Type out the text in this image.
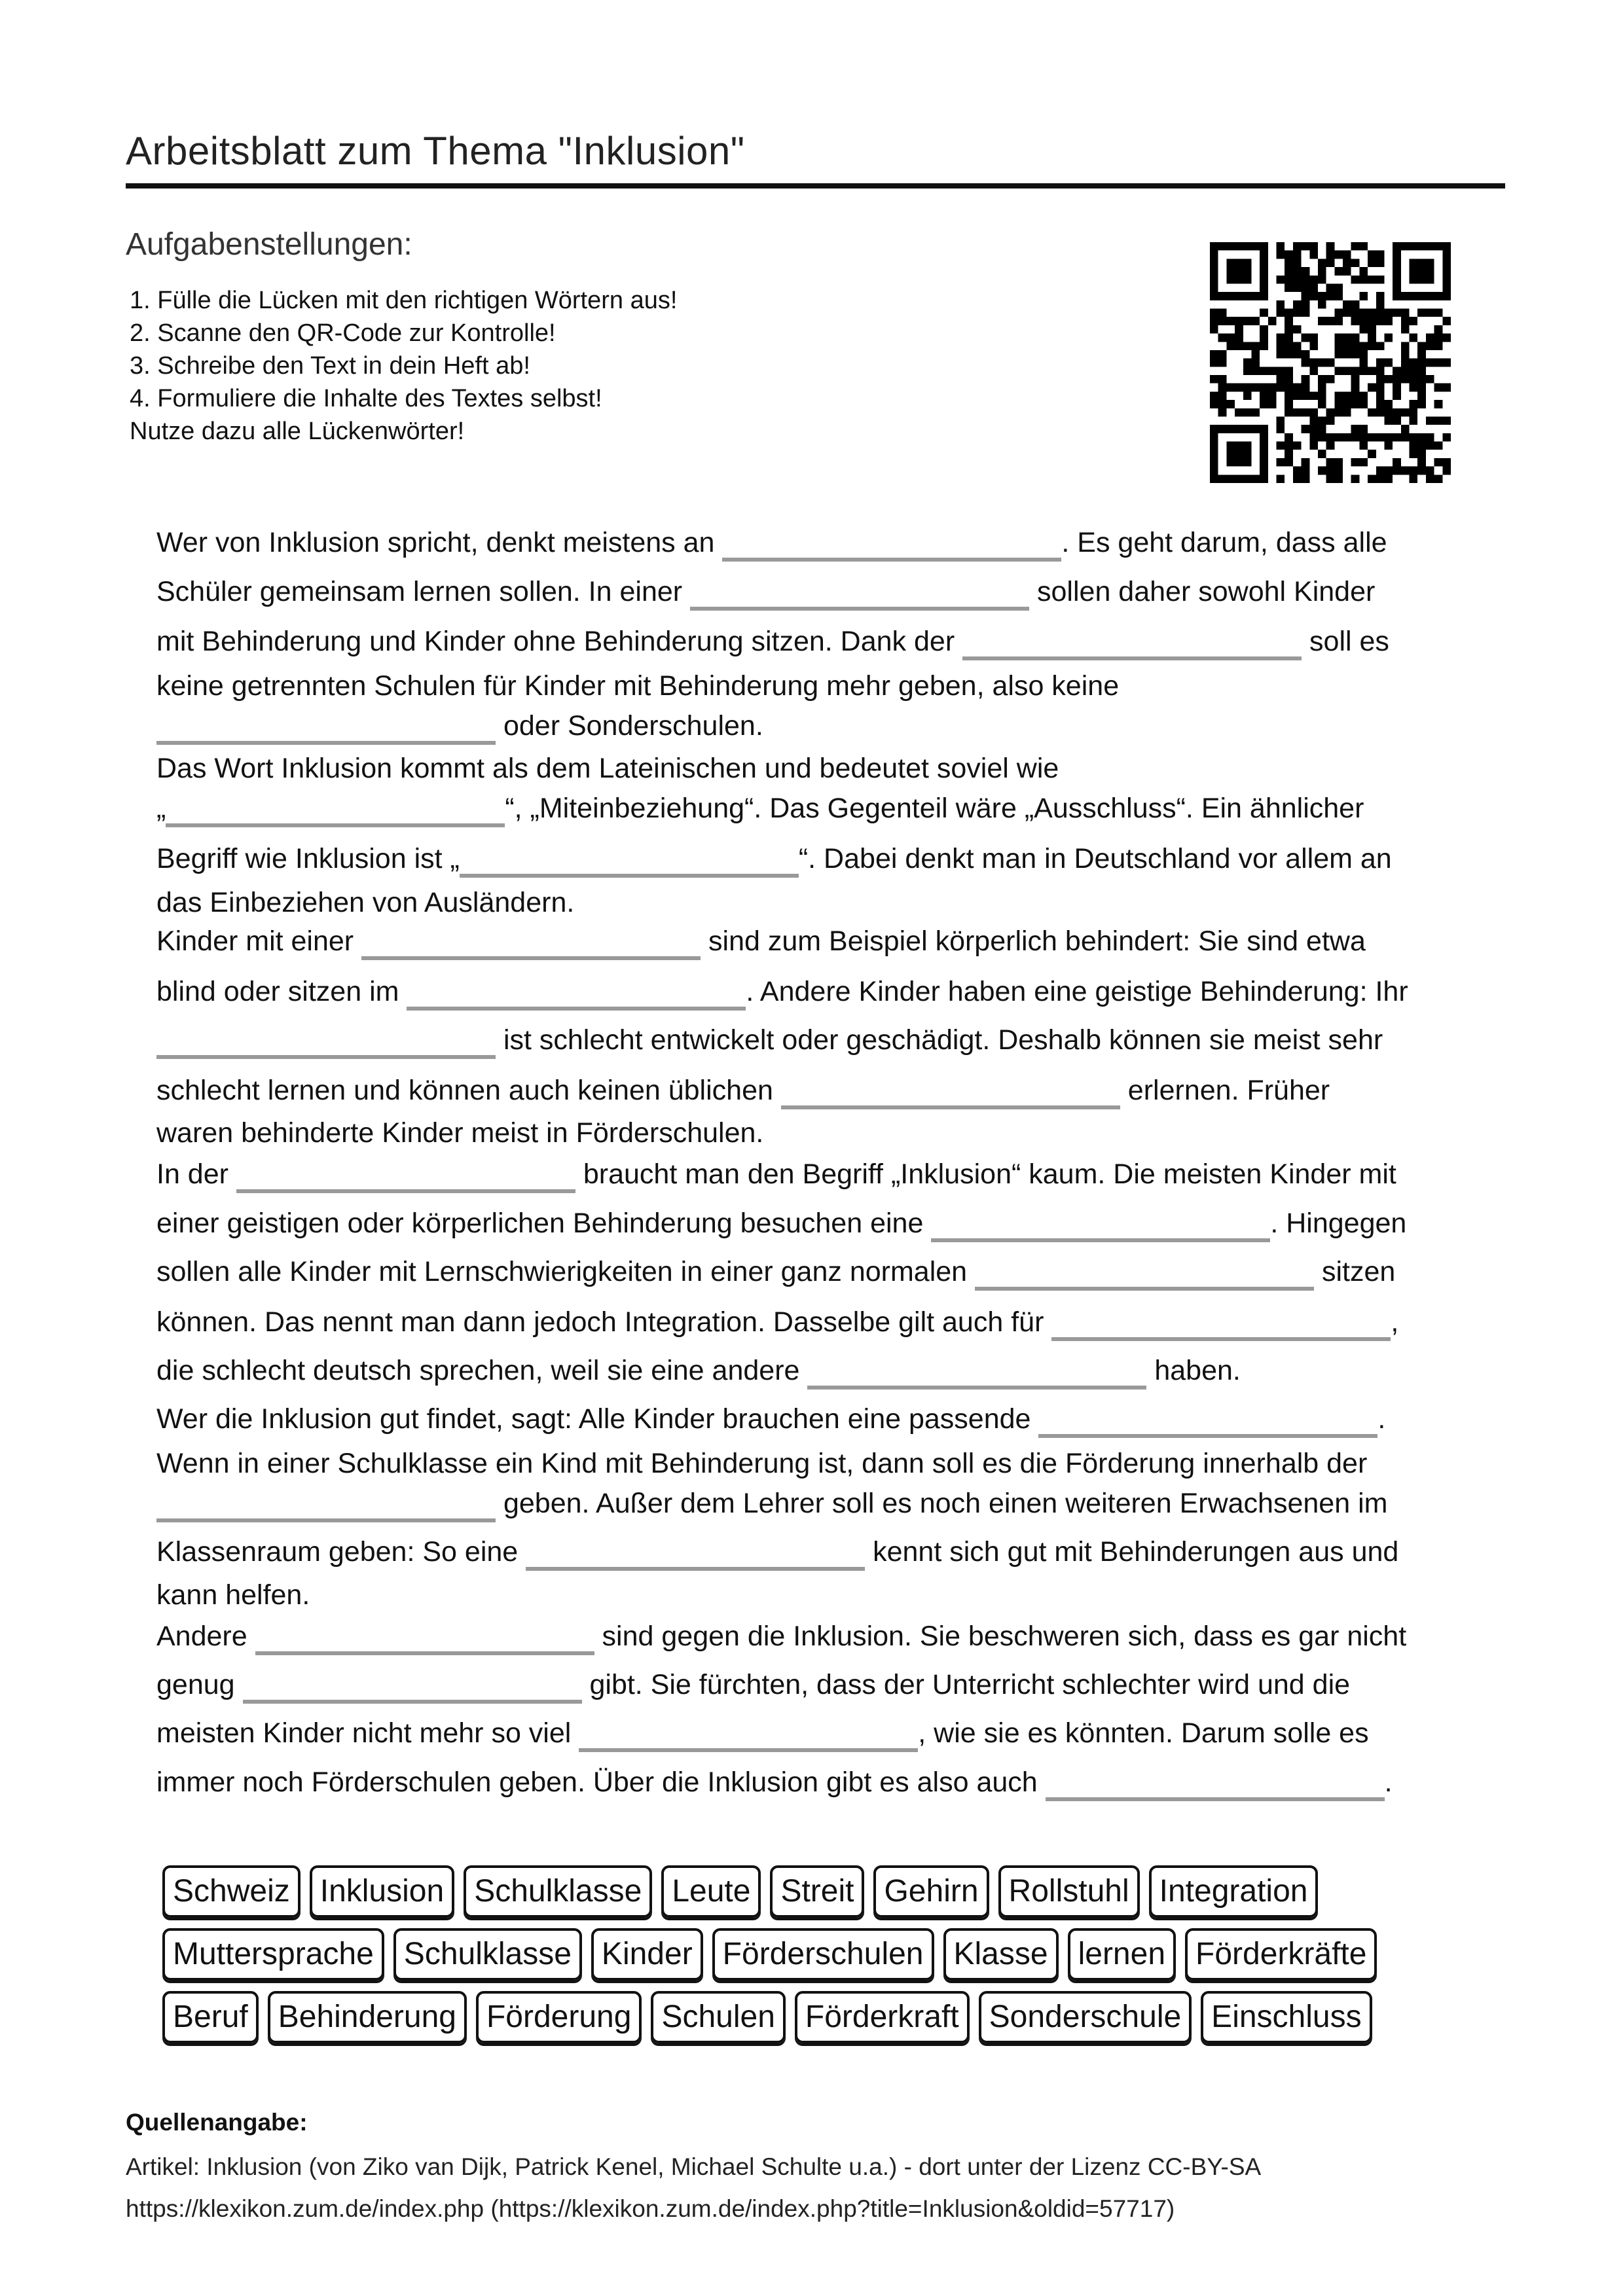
Arbeitsblatt zum Thema "Inklusion"
Aufgabenstellungen:
1. Fülle die Lücken mit den richtigen Wörtern aus!
2. Scanne den QR-Code zur Kontrolle!
3. Schreibe den Text in dein Heft ab!
4. Formuliere die Inhalte des Textes selbst!
Nutze dazu alle Lückenwörter!
Wer von Inklusion spricht, denkt meistens an	. Es geht darum, dass alle
Schüler gemeinsam lernen sollen. In einer	sollen daher sowohl Kinder
mit Behinderung und Kinder ohne Behinderung sitzen. Dank der	soll es
keine getrennten Schulen für Kinder mit Behinderung mehr geben, also keine
oder Sonderschulen.
Das Wort Inklusion kommt als dem Lateinischen und bedeutet soviel wie
„	“, „Miteinbeziehung“. Das Gegenteil wäre „Ausschluss“. Ein ähnlicher
Begriff wie Inklusion ist „	“. Dabei denkt man in Deutschland vor allem an
das Einbeziehen von Ausländern.
Kinder mit einer	sind zum Beispiel körperlich behindert: Sie sind etwa
blind oder sitzen im	. Andere Kinder haben eine geistige Behinderung: Ihr
ist schlecht entwickelt oder geschädigt. Deshalb können sie meist sehr
schlecht lernen und können auch keinen üblichen	erlernen. Früher
waren behinderte Kinder meist in Förderschulen.
In der	braucht man den Begriff „Inklusion“ kaum. Die meisten Kinder mit
einer geistigen oder körperlichen Behinderung besuchen eine	. Hingegen
sollen alle Kinder mit Lernschwierigkeiten in einer ganz normalen	sitzen
können. Das nennt man dann jedoch Integration. Dasselbe gilt auch für	,
die schlecht deutsch sprechen, weil sie eine andere	haben.
Wer die Inklusion gut findet, sagt: Alle Kinder brauchen eine passende	.
Wenn in einer Schulklasse ein Kind mit Behinderung ist, dann soll es die Förderung innerhalb der
geben. Außer dem Lehrer soll es noch einen weiteren Erwachsenen im
Klassenraum geben: So eine	kennt sich gut mit Behinderungen aus und
kann helfen.
Andere	sind gegen die Inklusion. Sie beschweren sich, dass es gar nicht
genug	gibt. Sie fürchten, dass der Unterricht schlechter wird und die
meisten Kinder nicht mehr so viel	, wie sie es könnten. Darum solle es
immer noch Förderschulen geben. Über die Inklusion gibt es also auch	.
Schweiz Inklusion Schulklasse Leute Streit Gehirn Rollstuhl Integration
Muttersprache Schulklasse Kinder Förderschulen Klasse lernen Förderkräfte
Beruf Behinderung Förderung Schulen Förderkraft Sonderschule Einschluss
Quellenangabe:
Artikel: Inklusion (von Ziko van Dijk, Patrick Kenel, Michael Schulte u.a.) - dort unter der Lizenz CC-BY-SA
https://klexikon.zum.de/index.php (https://klexikon.zum.de/index.php?title=Inklusion&oldid=57717)
